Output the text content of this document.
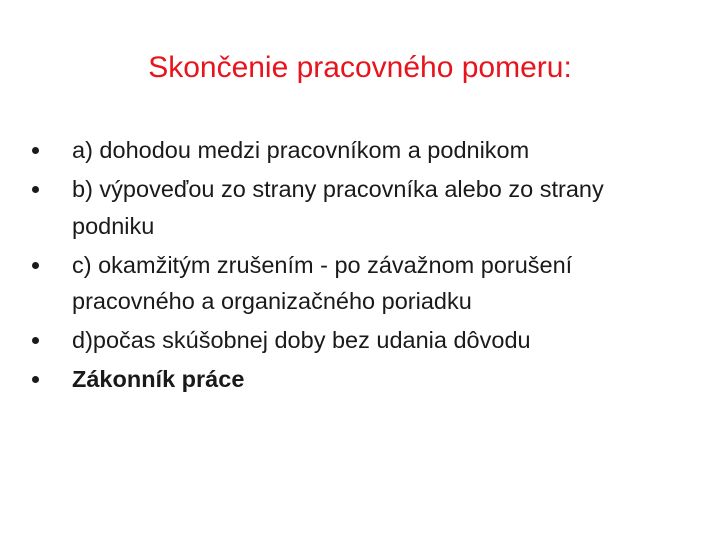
Skončenie pracovného pomeru:
a) dohodou medzi pracovníkom a podnikom
b) výpoveďou zo strany pracovníka alebo zo strany podniku
c) okamžitým zrušením - po závažnom porušení pracovného a organizačného poriadku
d)počas skúšobnej doby bez udania dôvodu
Zákonník práce
